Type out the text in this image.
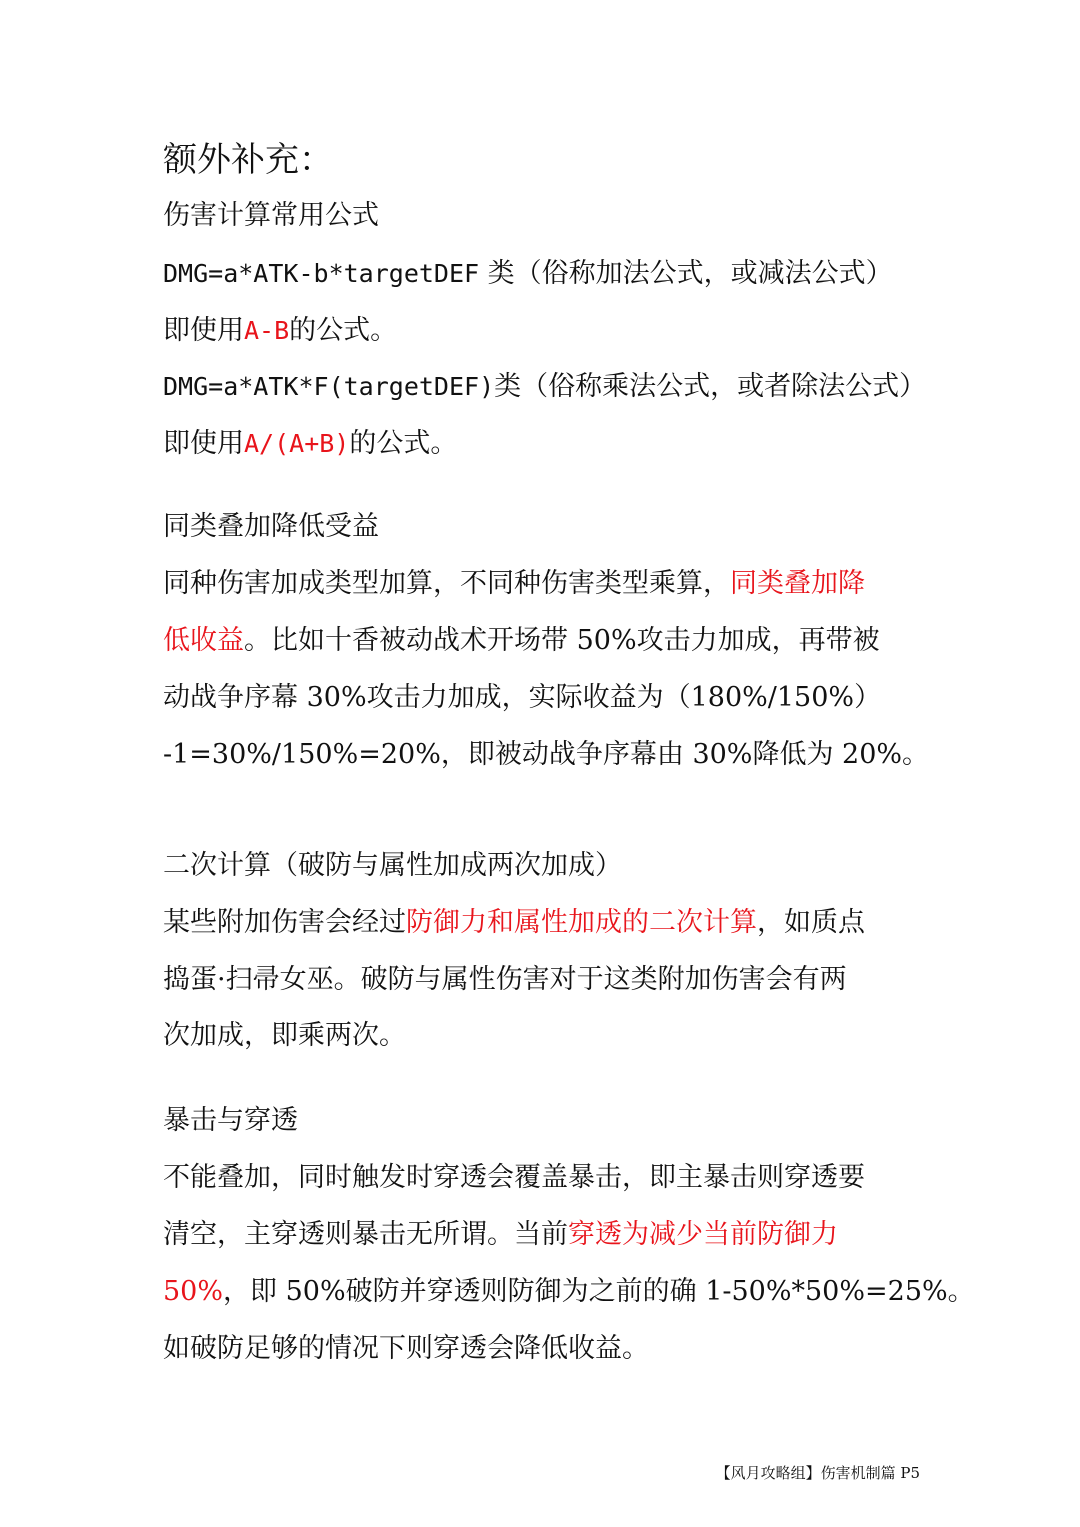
额外补充：
伤害计算常用公式
DMG=a*ATK-b*targetDEF 类（俗称加法公式，或减法公式）
即使用A-B的公式。
DMG=a*ATK*F(targetDEF)类（俗称乘法公式，或者除法公式）
即使用A/(A+B)的公式。
同类叠加降低受益
同种伤害加成类型加算，不同种伤害类型乘算，同类叠加降
低收益。比如十香被动战术开场带 50%攻击力加成，再带被
动战争序幕 30%攻击力加成，实际收益为（180%/150%）
-1=30%/150%=20%，即被动战争序幕由 30%降低为 20%。
二次计算（破防与属性加成两次加成）
某些附加伤害会经过防御力和属性加成的二次计算，如质点
捣蛋·扫帚女巫。破防与属性伤害对于这类附加伤害会有两
次加成，即乘两次。
暴击与穿透
不能叠加，同时触发时穿透会覆盖暴击，即主暴击则穿透要
清空，主穿透则暴击无所谓。当前穿透为减少当前防御力
50%，即 50%破防并穿透则防御为之前的确 1-50%*50%=25%。
如破防足够的情况下则穿透会降低收益。
【风月攻略组】伤害机制篇 P5
